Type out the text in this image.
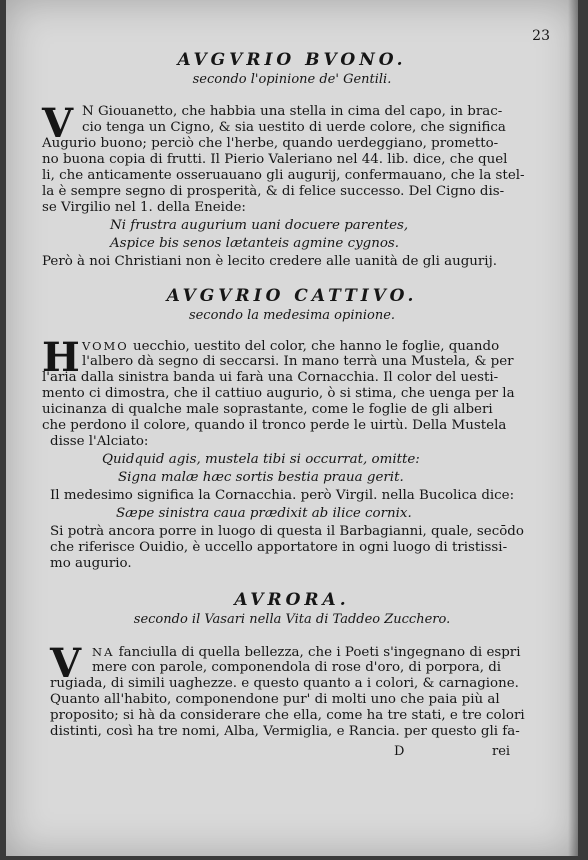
23
AVGVRIO BVONO.
secondo l'opinione de' Gentili.
V N Giouanetto, che habbia una stella in cima del capo, in brac-
cio tenga un Cigno, & sia uestito di uerde colore, che significa
Augurio buono; perciò che l'herbe, quando uerdeggiano, prometto-
no buona copia di frutti. Il Pierio Valeriano nel 44. lib. dice, che quel
li, che anticamente osseruauano gli augurij, confermauano, che la stel-
la è sempre segno di prosperità, & di felice successo. Del Cigno dis-
se Virgilio nel 1. della Eneide:
Ni frustra augurium uani docuere parentes,
Aspice bis senos lætanteis agmine cygnos.
Però à noi Christiani non è lecito credere alle uanità de gli augurij.
AVGVRIO CATTIVO.
secondo la medesima opinione.
H VOMO uecchio, uestito del color, che hanno le foglie, quando
l'albero dà segno di seccarsi. In mano terrà una Mustela, & per
l'aria dalla sinistra banda ui farà una Cornacchia. Il color del uesti-
mento ci dimostra, che il cattiuo augurio, ò si stima, che uenga per la
uicinanza di qualche male soprastante, come le foglie de gli alberi
che perdono il colore, quando il tronco perde le uirtù. Della Mustela
disse l'Alciato:
Quidquid agis, mustela tibi si occurrat, omitte:
Signa malæ hæc sortis bestia praua gerit.
Il medesimo significa la Cornacchia. però Virgil. nella Bucolica dice:
Sæpe sinistra caua prædixit ab ilice cornix.
Si potrà ancora porre in luogo di questa il Barbagianni, quale, secōdo
che riferisce Ouidio, è uccello apportatore in ogni luogo di tristissi-
mo augurio.
AVRORA.
secondo il Vasari nella Vita di Taddeo Zucchero.
V NA fanciulla di quella bellezza, che i Poeti s'ingegnano di espri
mere con parole, componendola di rose d'oro, di porpora, di
rugiada, di simili uaghezze. e questo quanto a i colori, & carnagione.
Quanto all'habito, componendone pur' di molti uno che paia più al
proposito; si hà da considerare che ella, come ha tre stati, e tre colori
distinti, così ha tre nomi, Alba, Vermiglia, e Rancia. per questo gli fa-
D	rei
